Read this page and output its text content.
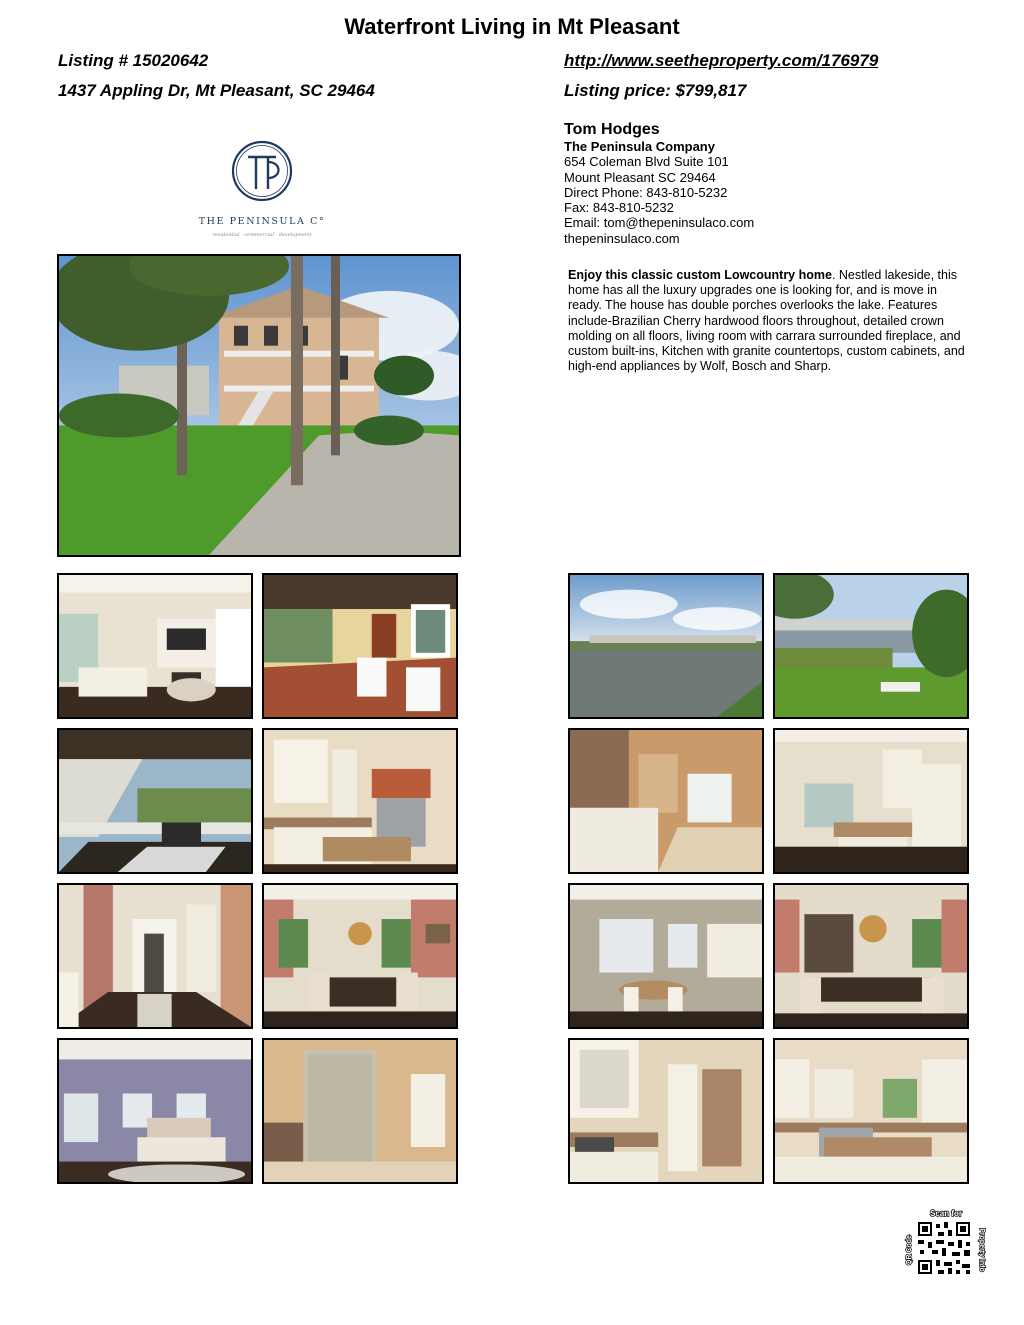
Waterfront Living in Mt Pleasant
Listing # 15020642
1437 Appling Dr, Mt Pleasant, SC 29464
http://www.seetheproperty.com/176979
Listing price: $799,817
Tom Hodges
The Peninsula Company
654 Coleman Blvd Suite 101
Mount Pleasant SC 29464
Direct Phone: 843-810-5232
Fax: 843-810-5232
Email: tom@thepeninsulaco.com
thepeninsulaco.com
THE PENINSULA C°
residential · commercial · development
Enjoy this classic custom Lowcountry home. Nestled lakeside, this home has all the luxury upgrades one is looking for, and is move in ready. The house has double porches overlooks the lake. Features include-Brazilian Cherry hardwood floors throughout, detailed crown molding on all floors, living room with carrara surrounded fireplace, and custom built-ins, Kitchen with granite countertops, custom cabinets, and high-end appliances by Wolf, Bosch and Sharp.
Scan for
QR Code	Property Info
